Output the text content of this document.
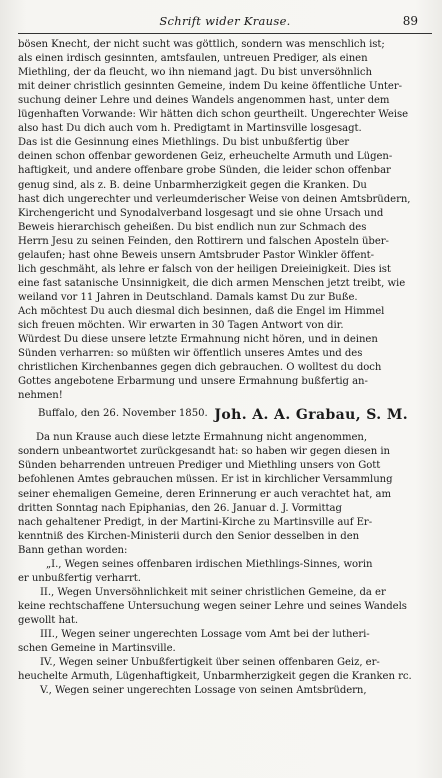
Schrift wider Krause.	89
bösen Knecht, der nicht sucht was göttlich, sondern was menschlich ist;
als einen irdisch gesinnten, amtsfaulen, untreuen Prediger, als einen
Miethling, der da fleucht, wo ihn niemand jagt. Du bist unversöhnlich
mit deiner christlich gesinnten Gemeine, indem Du keine öffentliche Unter-
suchung deiner Lehre und deines Wandels angenommen hast, unter dem
lügenhaften Vorwande: Wir hätten dich schon geurtheilt. Ungerechter Weise
also hast Du dich auch vom h. Predigtamt in Martinsville losgesagt.
Das ist die Gesinnung eines Miethlings. Du bist unbußfertig über
deinen schon offenbar gewordenen Geiz, erheuchelte Armuth und Lügen-
haftigkeit, und andere offenbare grobe Sünden, die leider schon offenbar
genug sind, als z. B. deine Unbarmherzigkeit gegen die Kranken. Du
hast dich ungerechter und verleumderischer Weise von deinen Amtsbrüdern,
Kirchengericht und Synodalverband losgesagt und sie ohne Ursach und
Beweis hierarchisch geheißen. Du bist endlich nun zur Schmach des
Herrn Jesu zu seinen Feinden, den Rottirern und falschen Aposteln über-
gelaufen; hast ohne Beweis unsern Amtsbruder Pastor Winkler öffent-
lich geschmäht, als lehre er falsch von der heiligen Dreieinigkeit. Dies ist
eine fast satanische Unsinnigkeit, die dich armen Menschen jetzt treibt, wie
weiland vor 11 Jahren in Deutschland. Damals kamst Du zur Buße.
Ach möchtest Du auch diesmal dich besinnen, daß die Engel im Himmel
sich freuen möchten. Wir erwarten in 30 Tagen Antwort von dir.
Würdest Du diese unsere letzte Ermahnung nicht hören, und in deinen
Sünden verharren: so müßten wir öffentlich unseres Amtes und des
christlichen Kirchenbannes gegen dich gebrauchen. O wolltest du doch
Gottes angebotene Erbarmung und unsere Ermahnung bußfertig an-
nehmen!
Buffalo, den 26. November 1850. Joh. A. A. Grabau, S. M.
Da nun Krause auch diese letzte Ermahnung nicht angenommen,
sondern unbeantwortet zurückgesandt hat: so haben wir gegen diesen in
Sünden beharrenden untreuen Prediger und Miethling unsers von Gott
befohlenen Amtes gebrauchen müssen. Er ist in kirchlicher Versammlung
seiner ehemaligen Gemeine, deren Erinnerung er auch verachtet hat, am
dritten Sonntag nach Epiphanias, den 26. Januar d. J. Vormittag
nach gehaltener Predigt, in der Martini-Kirche zu Martinsville auf Er-
kenntniß des Kirchen-Ministerii durch den Senior desselben in den
Bann gethan worden:
„I., Wegen seines offenbaren irdischen Miethlings-Sinnes, worin
er unbußfertig verharrt.
II., Wegen Unversöhnlichkeit mit seiner christlichen Gemeine, da er
keine rechtschaffene Untersuchung wegen seiner Lehre und seines Wandels
gewollt hat.
III., Wegen seiner ungerechten Lossage vom Amt bei der lutheri-
schen Gemeine in Martinsville.
IV., Wegen seiner Unbußfertigkeit über seinen offenbaren Geiz, er-
heuchelte Armuth, Lügenhaftigkeit, Unbarmherzigkeit gegen die Kranken rc.
V., Wegen seiner ungerechten Lossage von seinen Amtsbrüdern,
